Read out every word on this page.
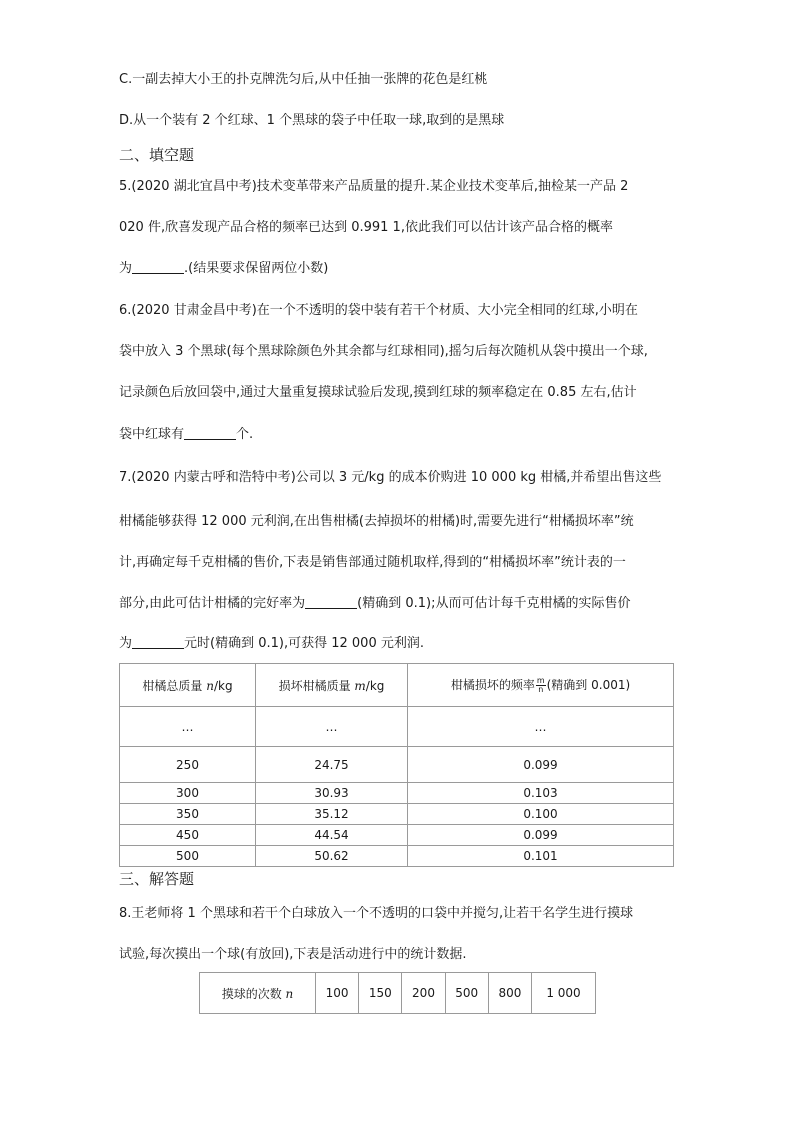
C.一副去掉大小王的扑克牌洗匀后,从中任抽一张牌的花色是红桃
D.从一个装有 2 个红球、1 个黑球的袋子中任取一球,取到的是黑球
二、填空题
5.(2020 湖北宜昌中考)技术变革带来产品质量的提升.某企业技术变革后,抽检某一产品 2
020 件,欣喜发现产品合格的频率已达到 0.991 1,依此我们可以估计该产品合格的概率
为	.(结果要求保留两位小数)
6.(2020 甘肃金昌中考)在一个不透明的袋中装有若干个材质、大小完全相同的红球,小明在
袋中放入 3 个黑球(每个黑球除颜色外其余都与红球相同),摇匀后每次随机从袋中摸出一个球,
记录颜色后放回袋中,通过大量重复摸球试验后发现,摸到红球的频率稳定在 0.85 左右,估计
袋中红球有	个.
7.(2020 内蒙古呼和浩特中考)公司以 3 元/kg 的成本价购进 10 000 kg 柑橘,并希望出售这些
柑橘能够获得 12 000 元利润,在出售柑橘(去掉损坏的柑橘)时,需要先进行“柑橘损坏率”统
计,再确定每千克柑橘的售价,下表是销售部通过随机取样,得到的“柑橘损坏率”统计表的一
部分,由此可估计柑橘的完好率为	(精确到 0.1);从而可估计每千克柑橘的实际售价
为	元时(精确到 0.1),可获得 12 000 元利润.
柑橘总质量 n/kg	损坏柑橘质量 m/kg	柑橘损坏的频率 $\frac{m}{n}$ (精确到 0.001)
…	…	…
250	24.75	0.099
300	30.93	0.103
350	35.12	0.100
450	44.54	0.099
500	50.62	0.101
三、解答题
8.王老师将 1 个黑球和若干个白球放入一个不透明的口袋中并搅匀,让若干名学生进行摸球
试验,每次摸出一个球(有放回),下表是活动进行中的统计数据.
摸球的次数 n	100	150	200	500	800	1 000
